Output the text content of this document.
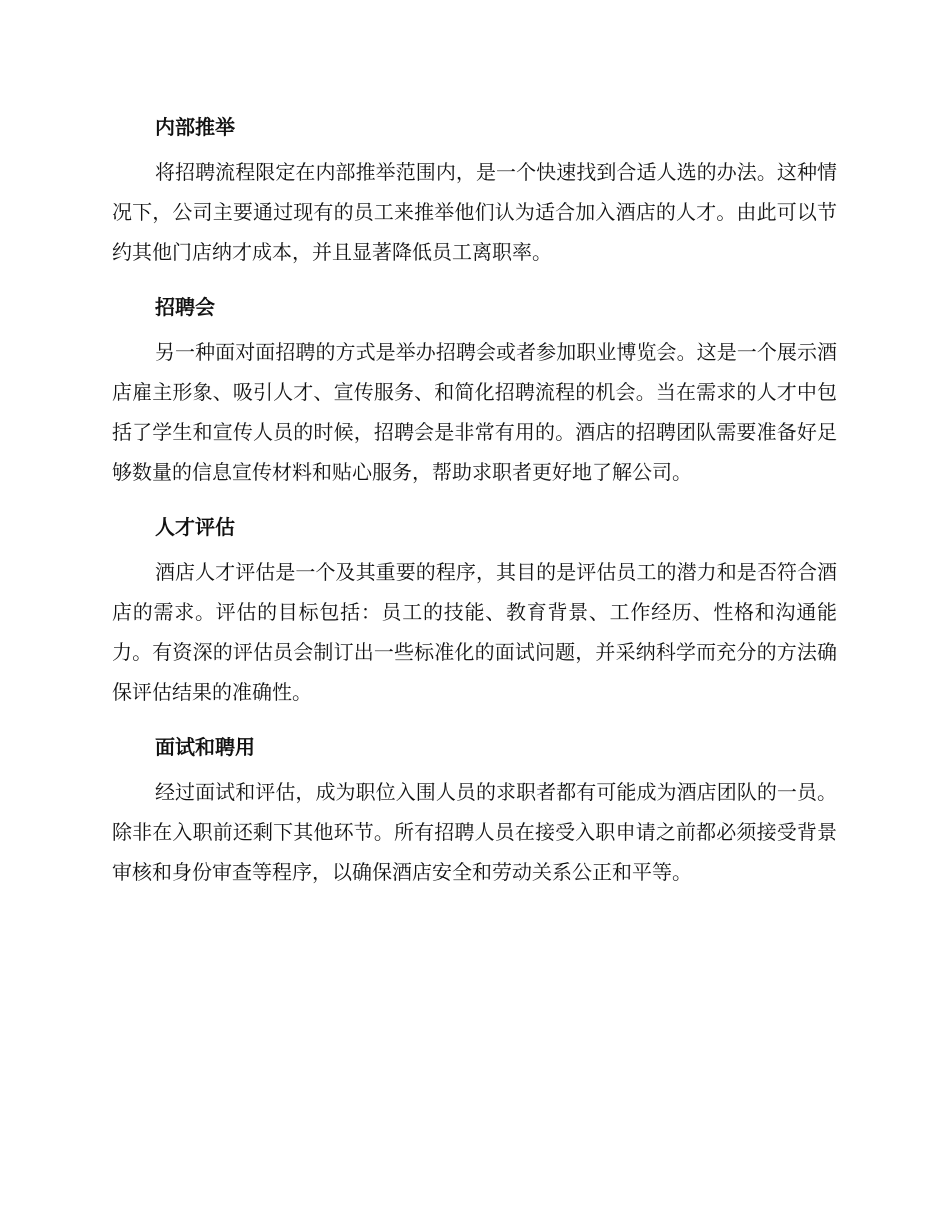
内部推举

将招聘流程限定在内部推举范围内，是一个快速找到合适人选的办法。这种情况下，公司主要通过现有的员工来推举他们认为适合加入酒店的人才。由此可以节约其他门店纳才成本，并且显著降低员工离职率。

招聘会

另一种面对面招聘的方式是举办招聘会或者参加职业博览会。这是一个展示酒店雇主形象、吸引人才、宣传服务、和简化招聘流程的机会。当在需求的人才中包括了学生和宣传人员的时候，招聘会是非常有用的。酒店的招聘团队需要准备好足够数量的信息宣传材料和贴心服务，帮助求职者更好地了解公司。

人才评估

酒店人才评估是一个及其重要的程序，其目的是评估员工的潜力和是否符合酒店的需求。评估的目标包括：员工的技能、教育背景、工作经历、性格和沟通能力。有资深的评估员会制订出一些标准化的面试问题，并采纳科学而充分的方法确保评估结果的准确性。

面试和聘用

经过面试和评估，成为职位入围人员的求职者都有可能成为酒店团队的一员。除非在入职前还剩下其他环节。所有招聘人员在接受入职申请之前都必须接受背景审核和身份审查等程序，以确保酒店安全和劳动关系公正和平等。
